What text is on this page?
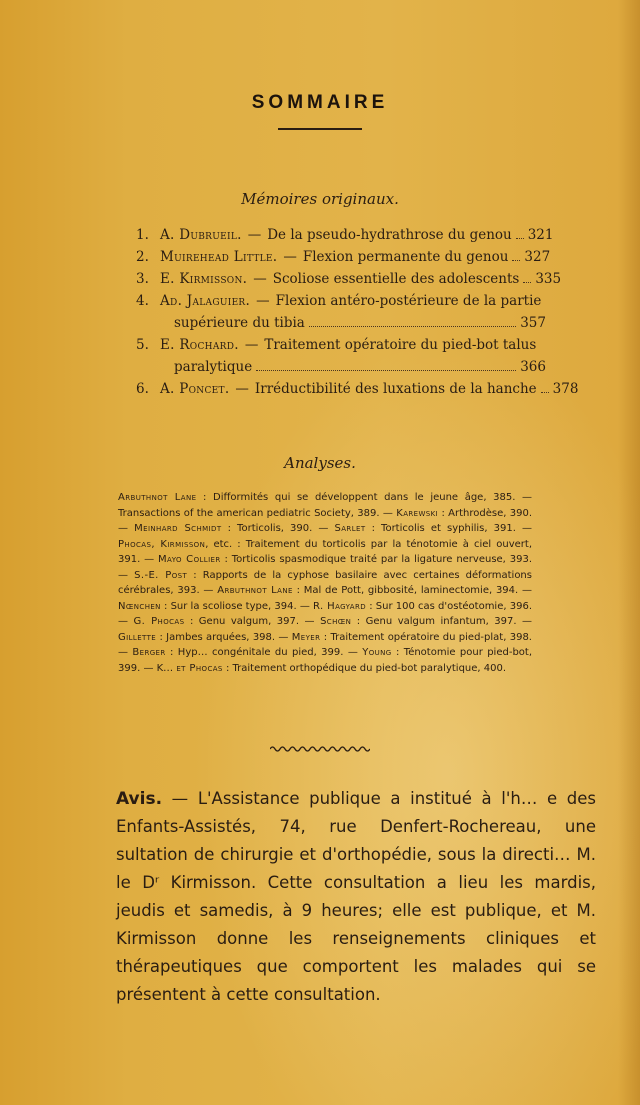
SOMMAIRE
Mémoires originaux.
1. A. Dubrueil. — De la pseudo-hydrathrose du genou 321
2. Muirehead Little. — Flexion permanente du genou 327
3. E. Kirmisson. — Scoliose essentielle des adolescents 335
4. Ad. Jalaguier. — Flexion antéro-postérieure de la partie
supérieure du tibia	357
5. E. Rochard. — Traitement opératoire du pied-bot talus
paralytique	366
6. A. Poncet. — Irréductibilité des luxations de la hanche 378
Analyses.
Arbuthnot Lane : Difformités qui se développent dans le jeune âge, 385. — Transactions of the american pediatric Society, 389. — Karewski : Arthrodèse, 390. — Meinhard Schmidt : Torticolis, 390. — Sarlet : Torticolis et syphilis, 391. — Phocas, Kirmisson, etc. : Traitement du torticolis par la ténotomie à ciel ouvert, 391. — Mayo Collier : Torticolis spasmodique traité par la ligature nerveuse, 393. — S.-E. Post : Rapports de la cyphose basilaire avec certaines déformations cérébrales, 393. — Arbuthnot Lane : Mal de Pott, gibbosité, laminectomie, 394. — Nœnchen : Sur la scoliose type, 394. — R. Hagyard : Sur 100 cas d'ostéotomie, 396. — G. Phocas : Genu valgum, 397. — Schœn : Genu valgum infantum, 397. — Gillette : Jambes arquées, 398. — Meyer : Traitement opératoire du pied-plat, 398. — Berger : Hyp… congénitale du pied, 399. — Young : Ténotomie pour pied-bot, 399. — K… et Phocas : Traitement orthopédique du pied-bot paralytique, 400.
Avis. — L'Assistance publique a institué à l'h… e des Enfants-Assistés, 74, rue Denfert-Rochereau, une sultation de chirurgie et d'orthopédie, sous la directi… M. le Dʳ Kirmisson. Cette consultation a lieu les mardis, jeudis et samedis, à 9 heures; elle est publique, et M. Kirmisson donne les renseignements cliniques et thérapeutiques que comportent les malades qui se présentent à cette consultation.
